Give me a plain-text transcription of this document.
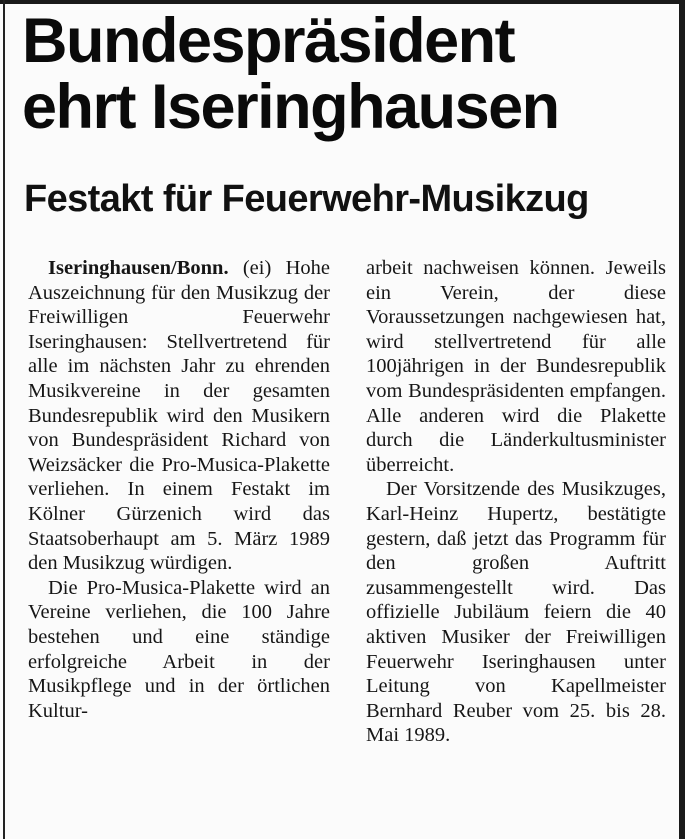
Bundespräsident
ehrt Iseringhausen
Festakt für Feuerwehr-Musikzug

Iseringhausen/Bonn. (ei) Hohe Auszeichnung für den Musikzug der Freiwilligen Feuerwehr Iseringhausen: Stellvertretend für alle im nächsten Jahr zu ehrenden Musikvereine in der gesamten Bundesrepublik wird den Musikern von Bundespräsident Richard von Weizsäcker die Pro-Musica-Plakette verliehen. In einem Festakt im Kölner Gürzenich wird das Staatsoberhaupt am 5. März 1989 den Musikzug würdigen.

Die Pro-Musica-Plakette wird an Vereine verliehen, die 100 Jahre bestehen und eine ständige erfolgreiche Arbeit in der Musikpflege und in der örtlichen Kultur-

arbeit nachweisen können. Jeweils ein Verein, der diese Voraussetzungen nachgewiesen hat, wird stellvertretend für alle 100jährigen in der Bundesrepublik vom Bundespräsidenten empfangen. Alle anderen wird die Plakette durch die Länderkultusminister überreicht.

Der Vorsitzende des Musikzuges, Karl-Heinz Hupertz, bestätigte gestern, daß jetzt das Programm für den großen Auftritt zusammengestellt wird. Das offizielle Jubiläum feiern die 40 aktiven Musiker der Freiwilligen Feuerwehr Iseringhausen unter Leitung von Kapellmeister Bernhard Reuber vom 25. bis 28. Mai 1989.
